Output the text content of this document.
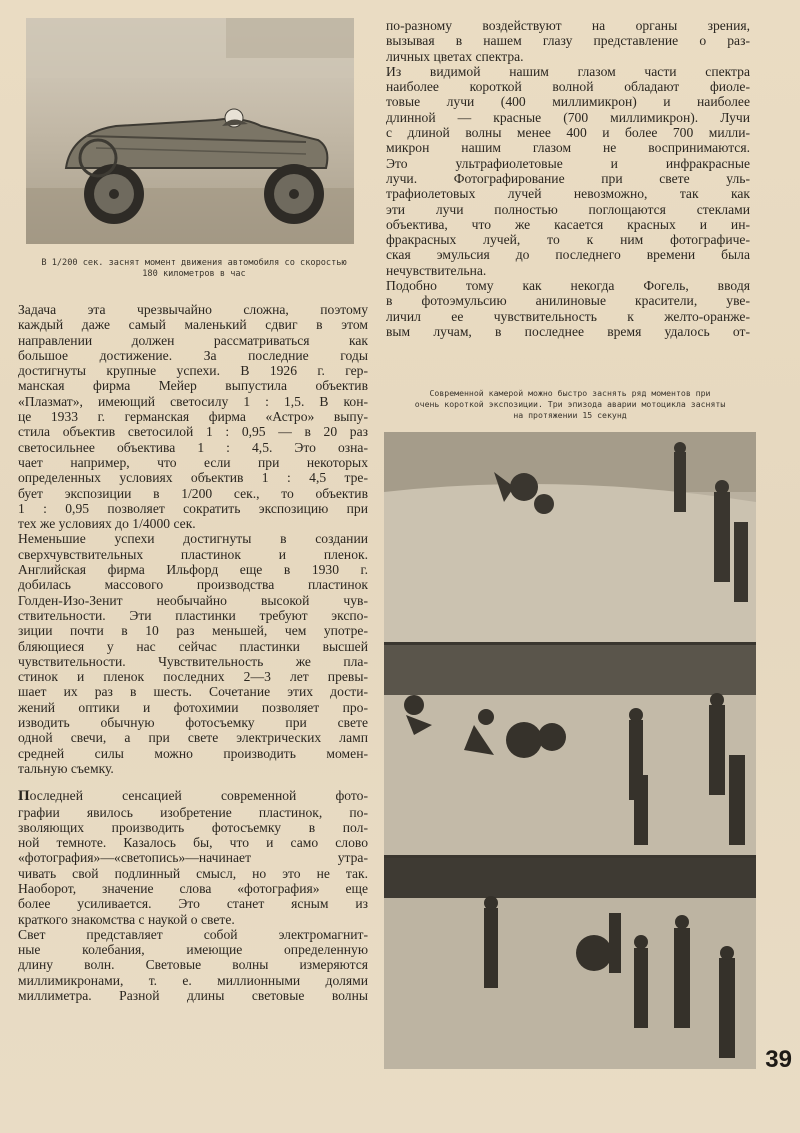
В 1/200 сек. заснят момент движения автомобиля со скоростью
180 километров в час

Задача эта чрезвычайно сложна, поэтому
каждый даже самый маленький сдвиг в этом
направлении должен рассматриваться как
большое достижение. За последние годы
достигнуты крупные успехи. В 1926 г. гер-
манская фирма Мейер выпустила объектив
«Плазмат», имеющий светосилу 1 : 1,5. В кон-
це 1933 г. германская фирма «Астро» выпу-
стила объектив светосилой 1 : 0,95 — в 20 раз
светосильнее объектива 1 : 4,5. Это озна-
чает например, что если при некоторых
определенных условиях объектив 1 : 4,5 тре-
бует экспозиции в 1/200 сек., то объектив
1 : 0,95 позволяет сократить экспозицию при
тех же условиях до 1/4000 сек.

Неменьшие успехи достигнуты в создании
сверхчувствительных пластинок и пленок.
Английская фирма Ильфорд еще в 1930 г.
добилась массового производства пластинок
Голден-Изо-Зенит необычайно высокой чув-
ствительности. Эти пластинки требуют экспо-
зиции почти в 10 раз меньшей, чем употре-
бляющиеся у нас сейчас пластинки высшей
чувствительности. Чувствительность же пла-
стинок и пленок последних 2—3 лет превы-
шает их раз в шесть. Сочетание этих дости-
жений оптики и фотохимии позволяет про-
изводить обычную фотосъемку при свете
одной свечи, а при свете электрических ламп
средней силы можно производить момен-
тальную съемку.

Последней сенсацией современной фото-
графии явилось изобретение пластинок, по-
зволяющих производить фотосъемку в пол-
ной темноте. Казалось бы, что и само слово
«фотография»—«светопись»—начинает утра-
чивать свой подлинный смысл, но это не так.
Наоборот, значение слова «фотография» еще
более усиливается. Это станет ясным из
краткого знакомства с наукой о свете.

Свет представляет собой электромагнит-
ные колебания, имеющие определенную
длину волн. Световые волны измеряются
миллимикронами, т. е. миллионными долями
миллиметра. Разной длины световые волны

по-разному воздействуют на органы зрения,
вызывая в нашем глазу представление о раз-
личных цветах спектра.

Из видимой нашим глазом части спектра
наиболее короткой волной обладают фиоле-
товые лучи (400 миллимикрон) и наиболее
длинной — красные (700 миллимикрон). Лучи
с длиной волны менее 400 и более 700 милли-
микрон нашим глазом не воспринимаются.
Это ультрафиолетовые и инфракрасные
лучи. Фотографирование при свете уль-
трафиолетовых лучей невозможно, так как
эти лучи полностью поглощаются стеклами
объектива, что же касается красных и ин-
фракрасных лучей, то к ним фотографиче-
ская эмульсия до последнего времени была
нечувствительна.

Подобно тому как некогда Фогель, вводя
в фотоэмульсию анилиновые красители, уве-
личил ее чувствительность к желто-оранже-
вым лучам, в последнее время удалось от-

Современной камерой можно быстро заснять ряд моментов при
очень короткой экспозиции. Три эпизода аварии мотоцикла засняты
на протяжении 15 секунд
39
